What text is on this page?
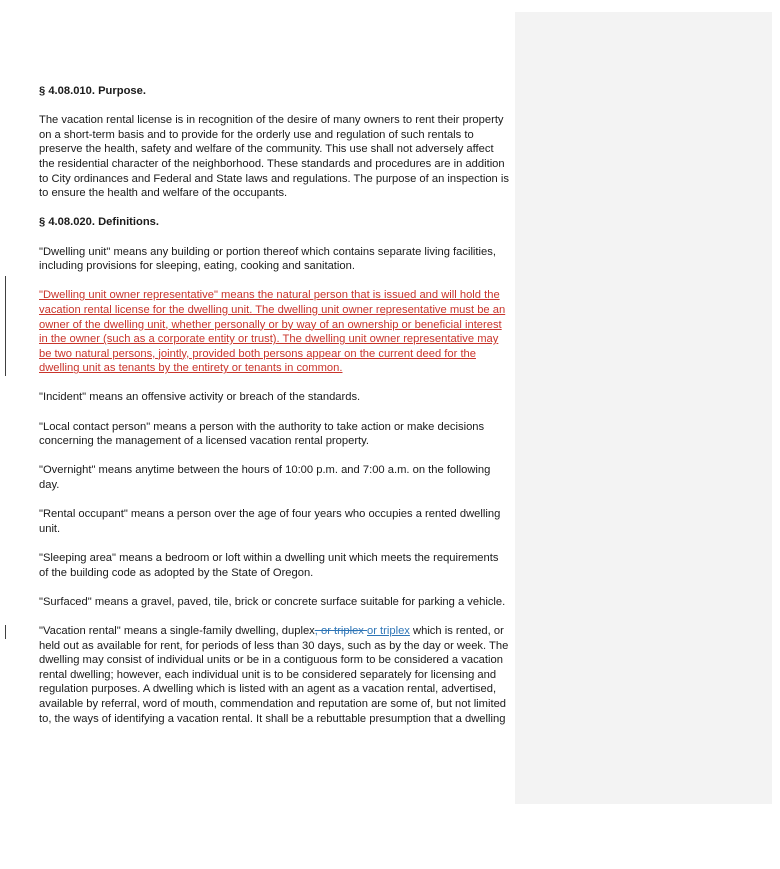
§ 4.08.010. Purpose.

The vacation rental license is in recognition of the desire of many owners to rent their property on a short-term basis and to provide for the orderly use and regulation of such rentals to preserve the health, safety and welfare of the community. This use shall not adversely affect the residential character of the neighborhood. These standards and procedures are in addition to City ordinances and Federal and State laws and regulations. The purpose of an inspection is to ensure the health and welfare of the occupants.

§ 4.08.020. Definitions.

"Dwelling unit" means any building or portion thereof which contains separate living facilities, including provisions for sleeping, eating, cooking and sanitation.

"Dwelling unit owner representative" means the natural person that is issued and will hold the vacation rental license for the dwelling unit. The dwelling unit owner representative must be an owner of the dwelling unit, whether personally or by way of an ownership or beneficial interest in the owner (such as a corporate entity or trust). The dwelling unit owner representative may be two natural persons, jointly, provided both persons appear on the current deed for the dwelling unit as tenants by the entirety or tenants in common.

"Incident" means an offensive activity or breach of the standards.

"Local contact person" means a person with the authority to take action or make decisions concerning the management of a licensed vacation rental property.

"Overnight" means anytime between the hours of 10:00 p.m. and 7:00 a.m. on the following day.

"Rental occupant" means a person over the age of four years who occupies a rented dwelling unit.

"Sleeping area" means a bedroom or loft within a dwelling unit which meets the requirements of the building code as adopted by the State of Oregon.

"Surfaced" means a gravel, paved, tile, brick or concrete surface suitable for parking a vehicle.

"Vacation rental" means a single-family dwelling, duplex, or triplex or triplex which is rented, or held out as available for rent, for periods of less than 30 days, such as by the day or week. The dwelling may consist of individual units or be in a contiguous form to be considered a vacation rental dwelling; however, each individual unit is to be considered separately for licensing and regulation purposes. A dwelling which is listed with an agent as a vacation rental, advertised, available by referral, word of mouth, commendation and reputation are some of, but not limited to, the ways of identifying a vacation rental. It shall be a rebuttable presumption that a dwelling
